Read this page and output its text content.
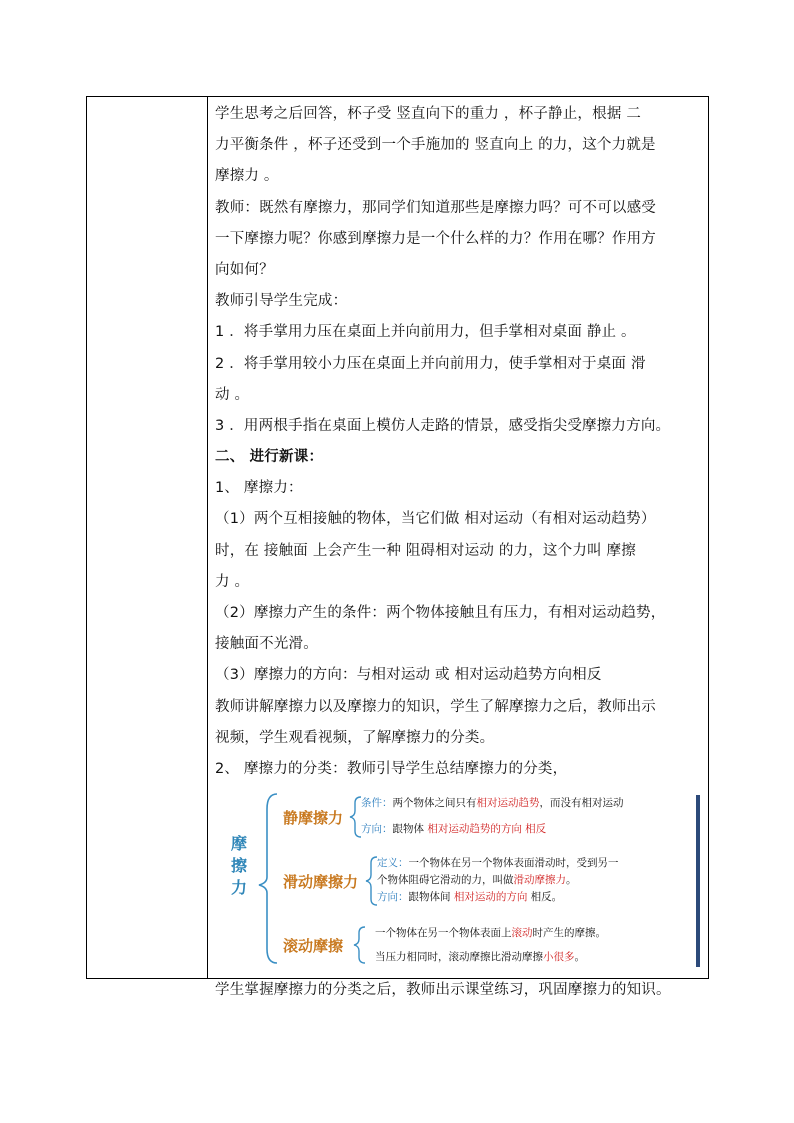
学生思考之后回答，杯子受 竖直向下的重力 ，杯子静止，根据 二
力平衡条件 ，杯子还受到一个手施加的 竖直向上 的力，这个力就是
摩擦力 。
教师：既然有摩擦力，那同学们知道那些是摩擦力吗？可不可以感受
一下摩擦力呢？你感到摩擦力是一个什么样的力？作用在哪？作用方
向如何？
教师引导学生完成：
1 ．将手掌用力压在桌面上并向前用力，但手掌相对桌面 静止 。
2 ．将手掌用较小力压在桌面上并向前用力，使手掌相对于桌面 滑
动 。
3 ．用两根手指在桌面上模仿人走路的情景，感受指尖受摩擦力方向。
二、 进行新课：
1、 摩擦力：
（1）两个互相接触的物体，当它们做 相对运动（有相对运动趋势）
时，在 接触面 上会产生一种 阻碍相对运动 的力，这个力叫 摩擦
力 。
（2）摩擦力产生的条件：两个物体接触且有压力，有相对运动趋势，
接触面不光滑。
（3）摩擦力的方向：与相对运动 或 相对运动趋势方向相反
教师讲解摩擦力以及摩擦力的知识，学生了解摩擦力之后，教师出示
视频，学生观看视频，了解摩擦力的分类。
2、 摩擦力的分类：教师引导学生总结摩擦力的分类，
摩
擦
力
静摩擦力
条件：两个物体之间只有相对运动趋势，而没有相对运动
方向：跟物体 相对运动趋势的方向 相反
滑动摩擦力
定义：一个物体在另一个物体表面滑动时，受到另一
个物体阻碍它滑动的力，叫做滑动摩擦力。
方向：跟物体间 相对运动的方向 相反。
滚动摩擦
一个物体在另一个物体表面上滚动时产生的摩擦。
当压力相同时，滚动摩擦比滑动摩擦小很多。
学生掌握摩擦力的分类之后，教师出示课堂练习，巩固摩擦力的知识。
